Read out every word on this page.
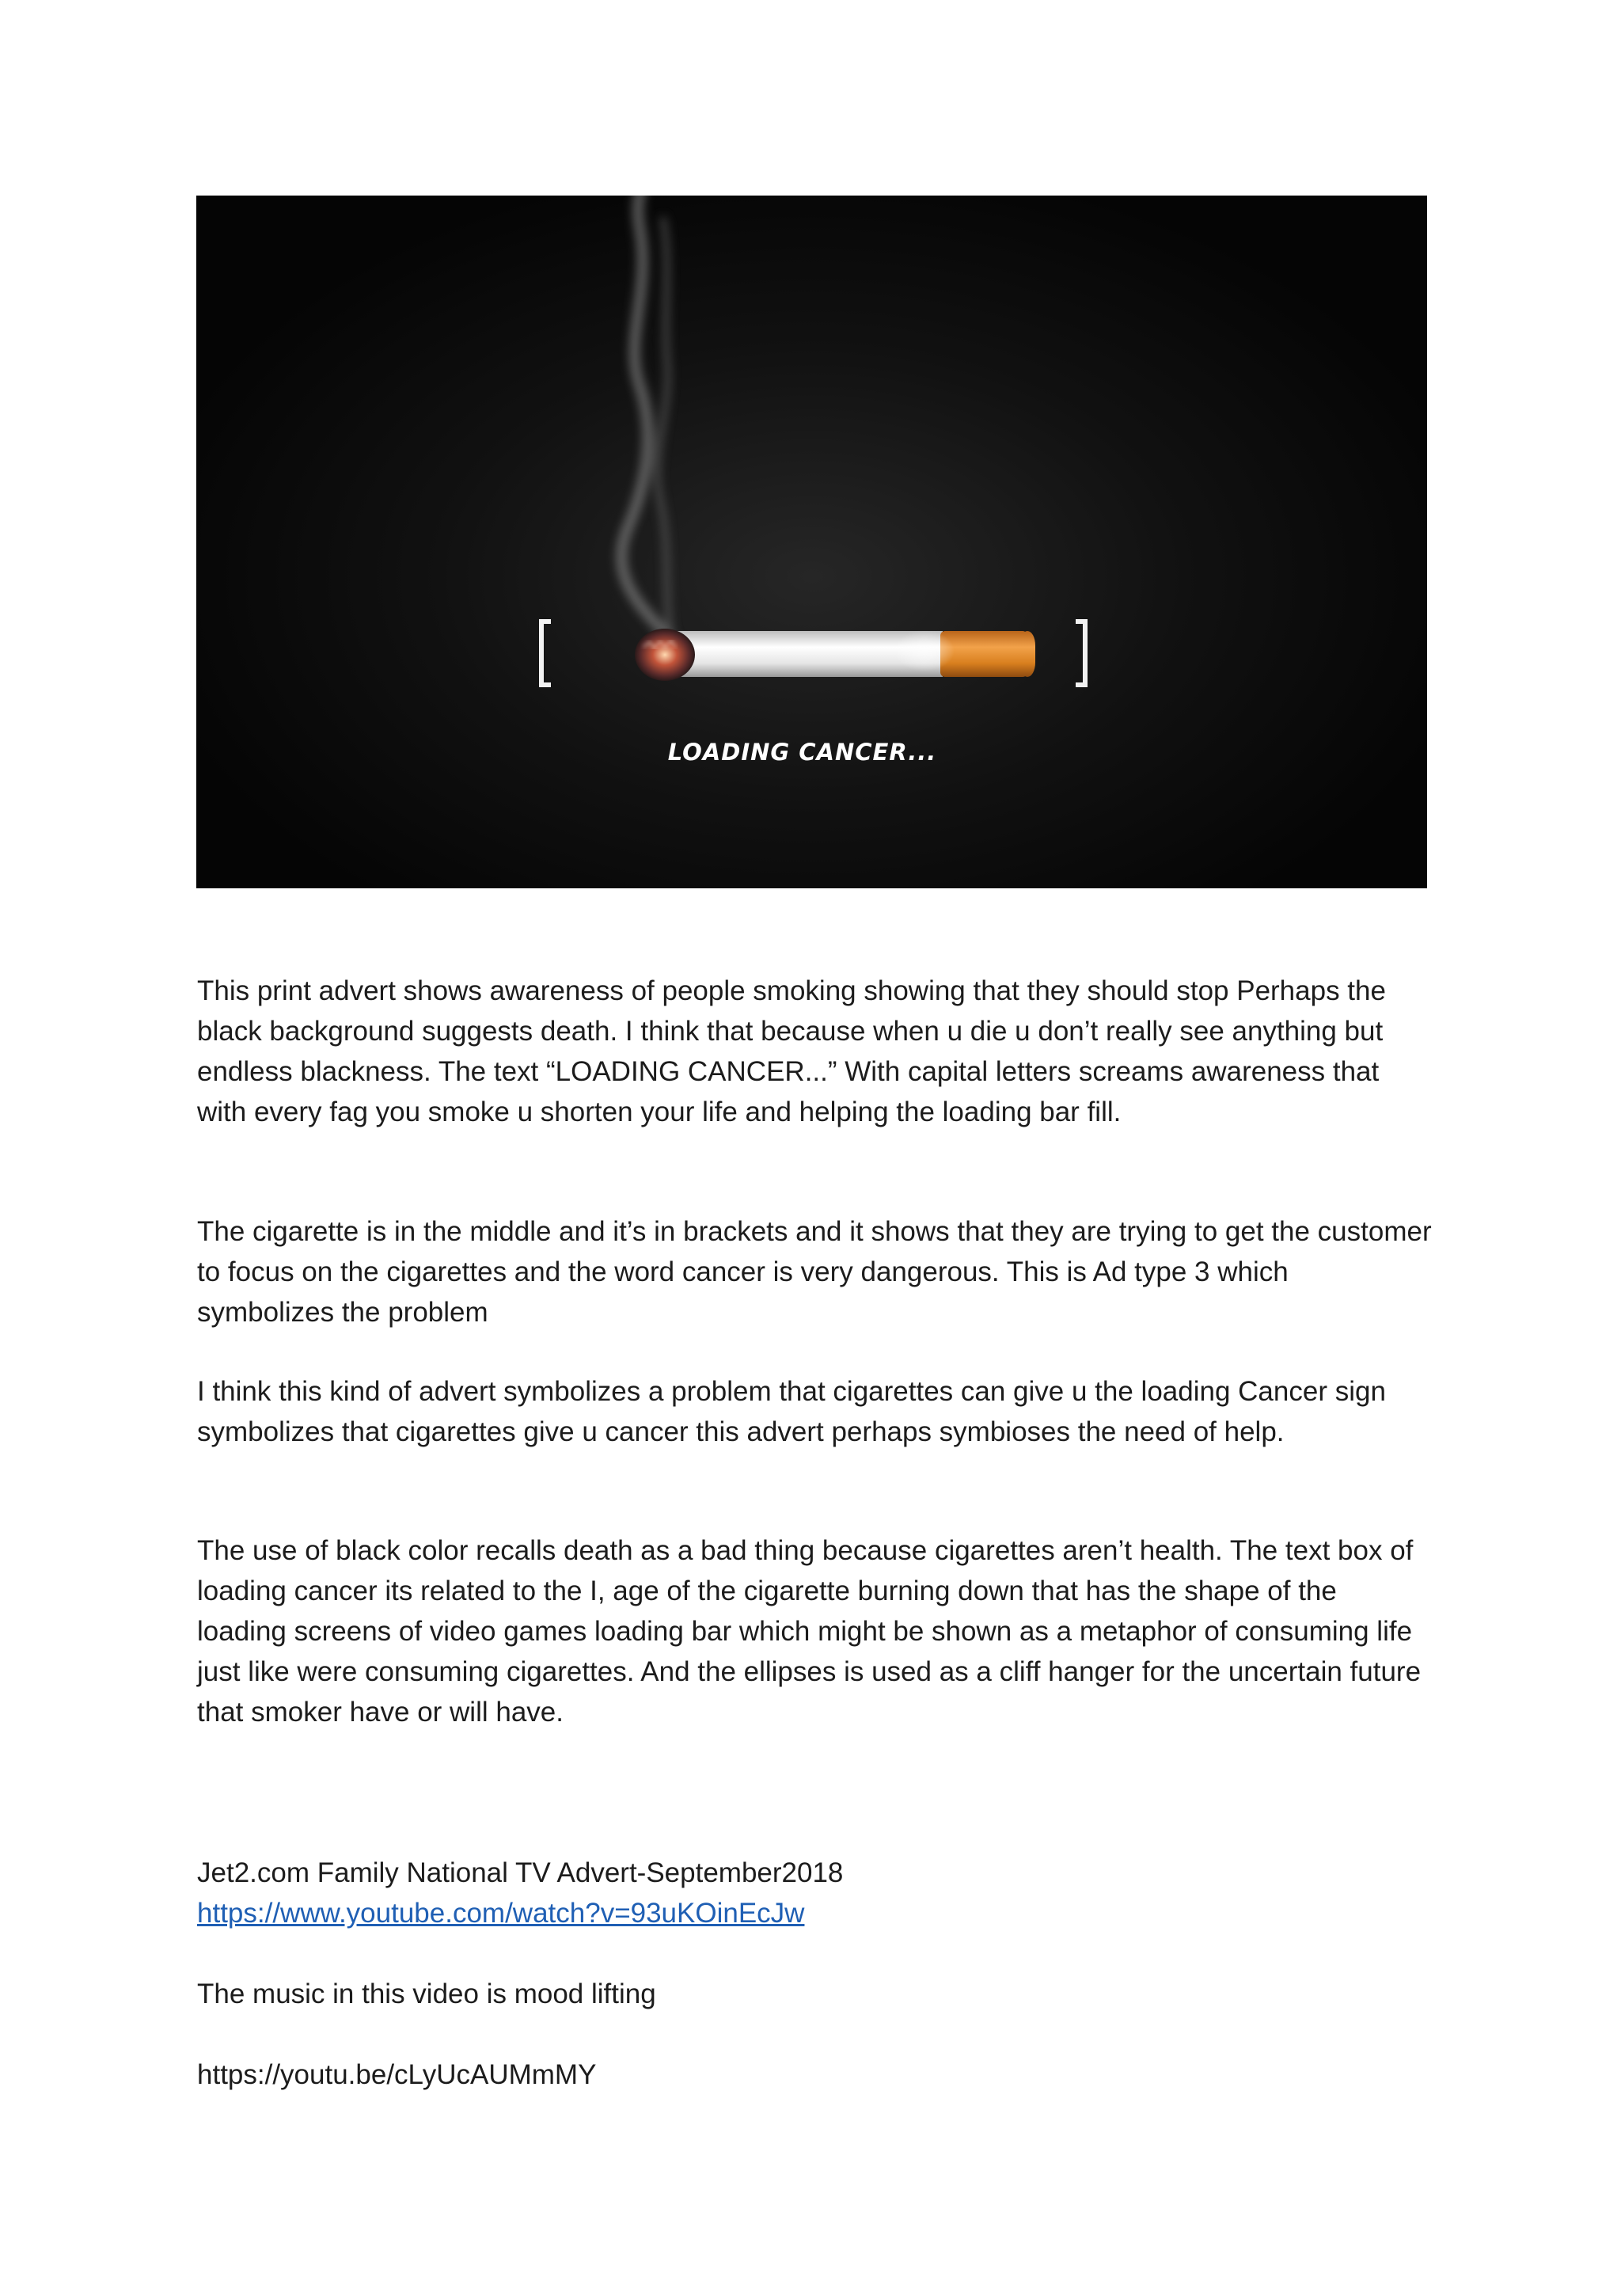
LOADING CANCER...

This print advert shows awareness of people smoking showing that they should stop Perhaps the black background suggests death. I think that because when u die u don’t really see anything but endless blackness. The text “LOADING CANCER...” With capital letters screams awareness that with every fag you smoke u shorten your life and helping the loading bar fill.

The cigarette is in the middle and it’s in brackets and it shows that they are trying to get the customer to focus on the cigarettes and the word cancer is very dangerous. This is Ad type 3 which symbolizes the problem

I think this kind of advert symbolizes a problem that cigarettes can give u the loading Cancer sign symbolizes that cigarettes give u cancer this advert perhaps symbioses the need of help.

The use of black color recalls death as a bad thing because cigarettes aren’t health. The text box of loading cancer its related to the I, age of the cigarette burning down that has the shape of the loading screens of video games loading bar which might be shown as a metaphor of consuming life just like were consuming cigarettes. And the ellipses is used as a cliff hanger for the uncertain future that smoker have or will have.

Jet2.com Family National TV Advert-September2018

https://www.youtube.com/watch?v=93uKOinEcJw

The music in this video is mood lifting

https://youtu.be/cLyUcAUMmMY
